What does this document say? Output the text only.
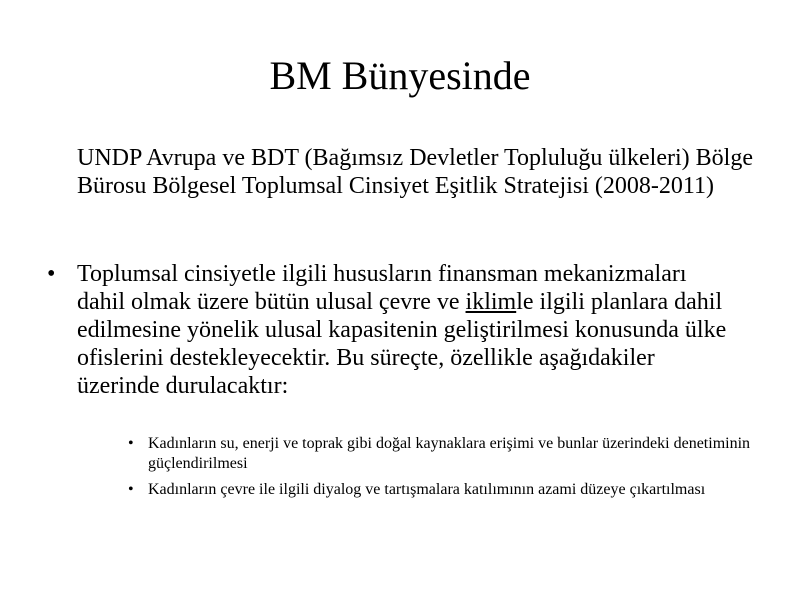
BM Bünyesinde

UNDP Avrupa ve BDT (Bağımsız Devletler Topluluğu ülkeleri) Bölge Bürosu Bölgesel Toplumsal Cinsiyet Eşitlik Stratejisi (2008-2011)

• Toplumsal cinsiyetle ilgili hususların finansman mekanizmaları dahil olmak üzere bütün ulusal çevre ve iklimle ilgili planlara dahil edilmesine yönelik ulusal kapasitenin geliştirilmesi konusunda ülke ofislerini destekleyecektir. Bu süreçte, özellikle aşağıdakiler üzerinde durulacaktır:

• Kadınların su, enerji ve toprak gibi doğal kaynaklara erişimi ve bunlar üzerindeki denetiminin güçlendirilmesi
• Kadınların çevre ile ilgili diyalog ve tartışmalara katılımının azami düzeye çıkartılması
